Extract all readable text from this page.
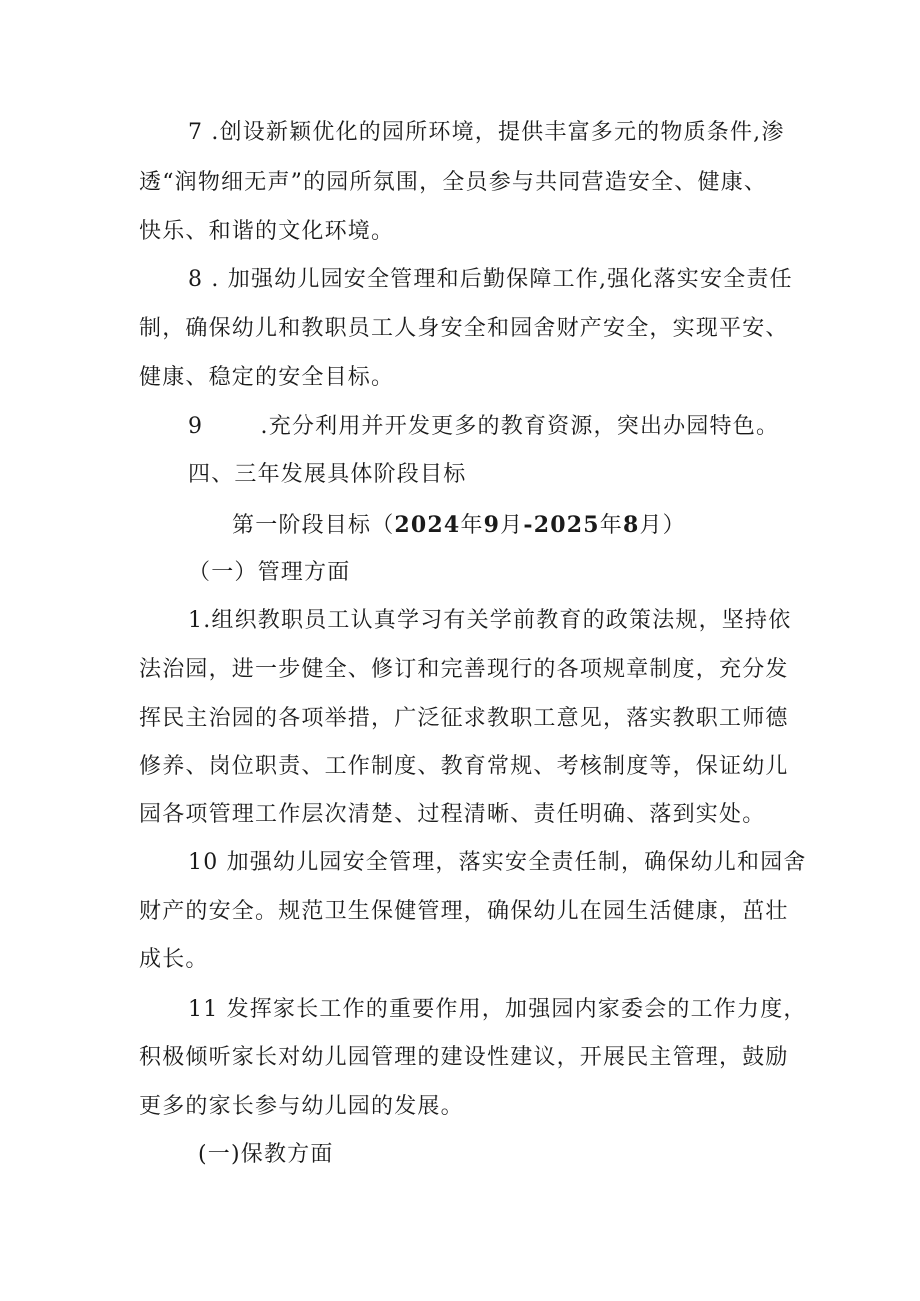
7 .创设新颖优化的园所环境，提供丰富多元的物质条件,渗
透“润物细无声”的园所氛围，全员参与共同营造安全、健康、
快乐、和谐的文化环境。
8 . 加强幼儿园安全管理和后勤保障工作,强化落实安全责任
制，确保幼儿和教职员工人身安全和园舍财产安全，实现平安、
健康、稳定的安全目标。
9       .充分利用并开发更多的教育资源，突出办园特色。
四、三年发展具体阶段目标
第一阶段目标（2024年9月-2025年8月）
（一）管理方面
1.组织教职员工认真学习有关学前教育的政策法规，坚持依
法治园，进一步健全、修订和完善现行的各项规章制度，充分发
挥民主治园的各项举措，广泛征求教职工意见，落实教职工师德
修养、岗位职责、工作制度、教育常规、考核制度等，保证幼儿
园各项管理工作层次清楚、过程清晰、责任明确、落到实处。
10 加强幼儿园安全管理，落实安全责任制，确保幼儿和园舍
财产的安全。规范卫生保健管理，确保幼儿在园生活健康，茁壮
成长。
11 发挥家长工作的重要作用，加强园内家委会的工作力度，
积极倾听家长对幼儿园管理的建设性建议，开展民主管理，鼓励
更多的家长参与幼儿园的发展。
(一)保教方面
